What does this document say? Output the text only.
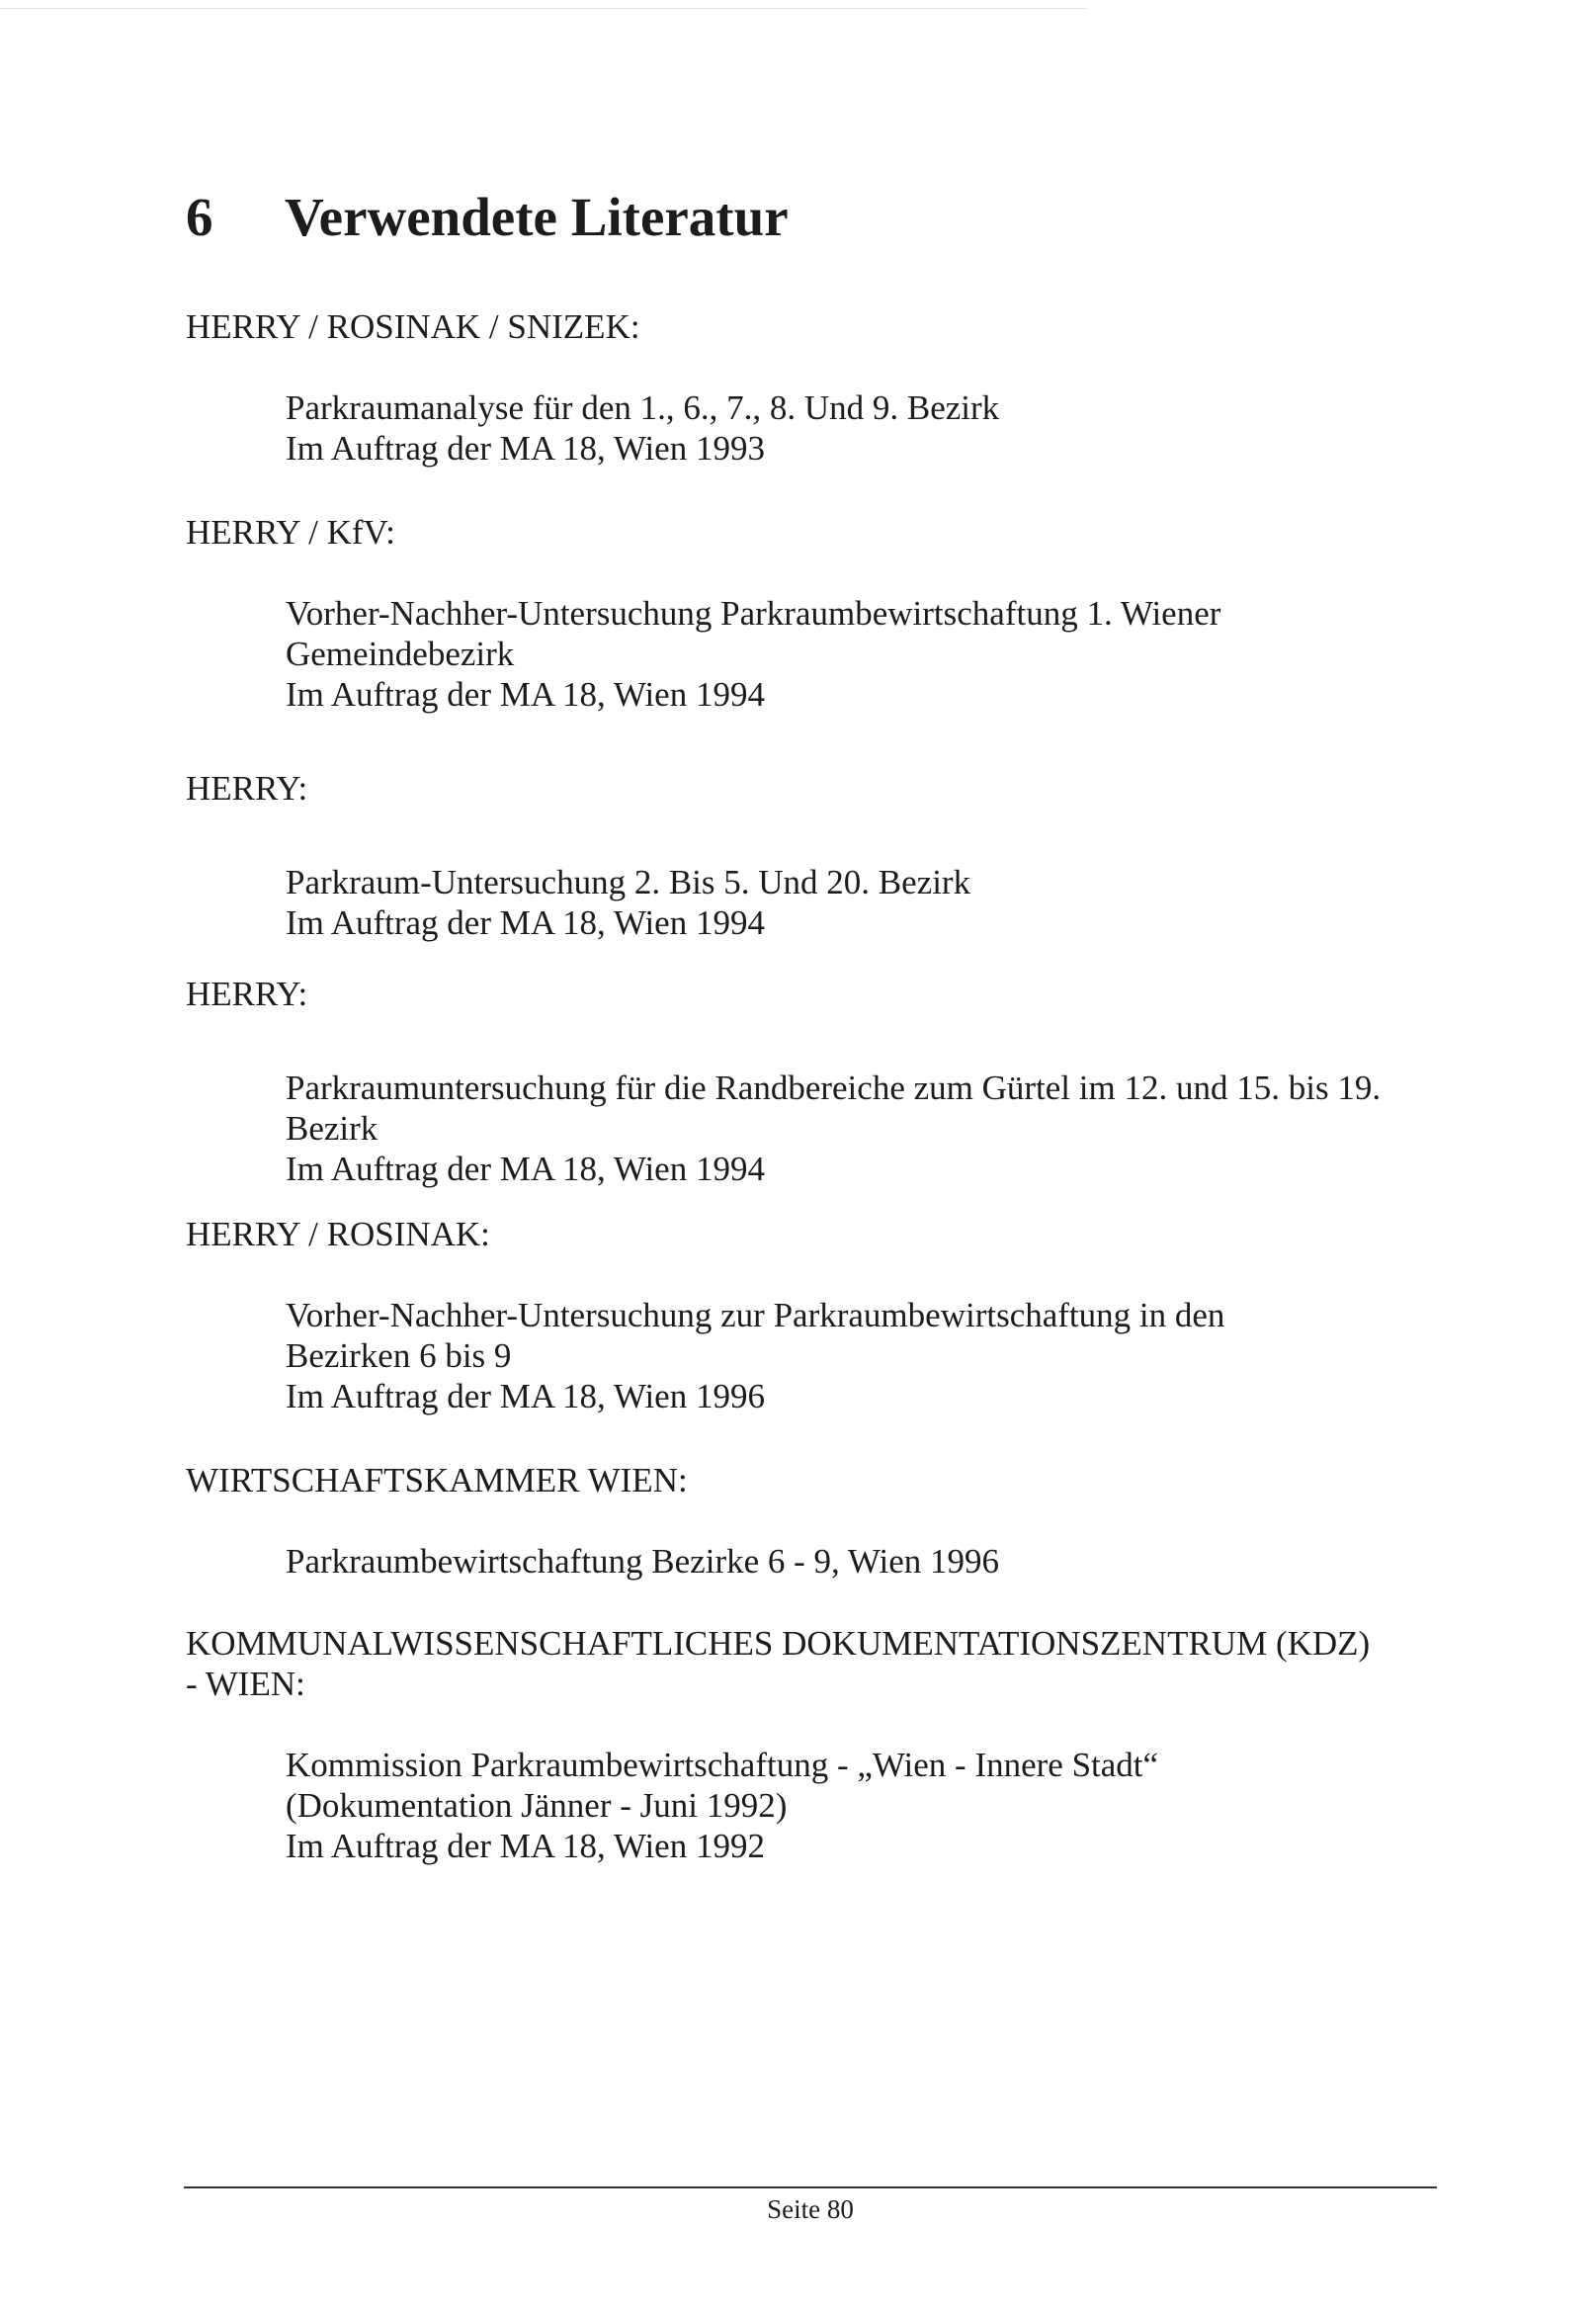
6 Verwendete Literatur
HERRY / ROSINAK / SNIZEK:
Parkraumanalyse für den 1., 6., 7., 8. Und 9. Bezirk
Im Auftrag der MA 18, Wien 1993
HERRY / KfV:
Vorher-Nachher-Untersuchung Parkraumbewirtschaftung 1. Wiener
Gemeindebezirk
Im Auftrag der MA 18, Wien 1994
HERRY:
Parkraum-Untersuchung 2. Bis 5. Und 20. Bezirk
Im Auftrag der MA 18, Wien 1994
HERRY:
Parkraumuntersuchung für die Randbereiche zum Gürtel im 12. und 15. bis 19.
Bezirk
Im Auftrag der MA 18, Wien 1994
HERRY / ROSINAK:
Vorher-Nachher-Untersuchung zur Parkraumbewirtschaftung in den
Bezirken 6 bis 9
Im Auftrag der MA 18, Wien 1996
WIRTSCHAFTSKAMMER WIEN:
Parkraumbewirtschaftung Bezirke 6 - 9, Wien 1996
KOMMUNALWISSENSCHAFTLICHES DOKUMENTATIONSZENTRUM (KDZ)
- WIEN:
Kommission Parkraumbewirtschaftung - „Wien - Innere Stadt“
(Dokumentation Jänner - Juni 1992)
Im Auftrag der MA 18, Wien 1992
Seite 80
